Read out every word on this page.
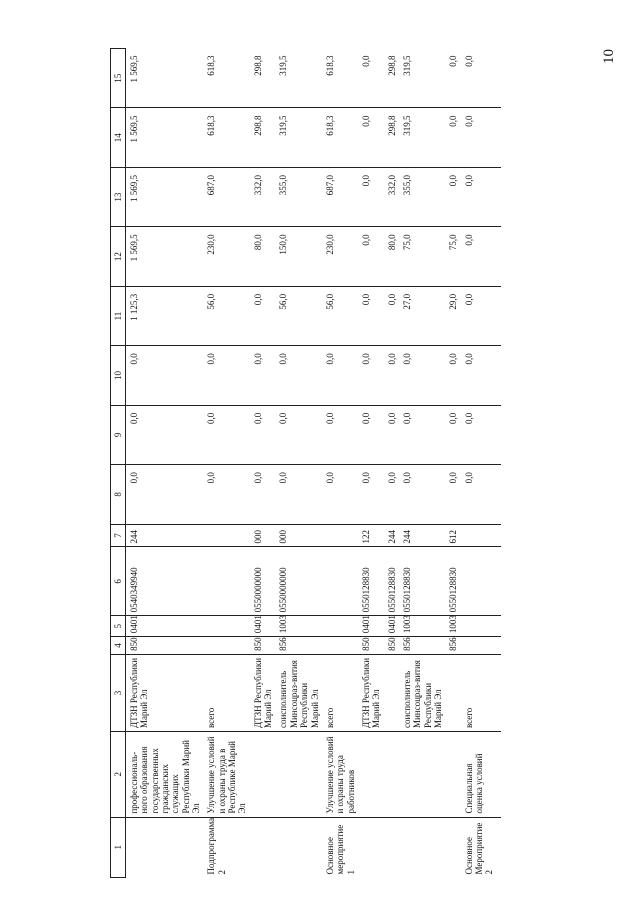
10
1	2	3	4	5	6	7	8	9	10	11	12	13	14	15
	профессиональ-ного образования государственных гражданских служащих Республики Марий Эл	ДТЗН Республики Марий Эл	850	0401	0540349940	244	0,0	0,0	0,0	1 125,3	1 569,5	1 569,5	1 569,5	1 569,5
Подпрограмма 2	Улучшение условий и охраны труда в Республике Марий Эл	всего					0,0	0,0	0,0	56,0	230,0	687,0	618,3	618,3
		ДТЗН Республики Марий Эл	850	0401	0550000000	000	0,0	0,0	0,0	0,0	80,0	332,0	298,8	298,8
		соисполнитель Минсоцраз-вития Республики Марий Эл	856	1003	0550000000	000	0,0	0,0	0,0	56,0	150,0	355,0	319,5	319,5
Основное мероприятие 1	Улучшение условий и охраны труда работников	всего					0,0	0,0	0,0	56,0	230,0	687,0	618,3	618,3
		ДТЗН Республики Марий Эл	850	0401	0550128830	122	0,0	0,0	0,0	0,0	0,0	0,0	0,0	0,0
			850	0401	0550128830	244	0,0	0,0	0,0	0,0	80,0	332,0	298,8	298,8
		соисполнитель Минсоцраз-вития Республики Марий Эл	856	1003	0550128830	244	0,0	0,0	0,0	27,0	75,0	355,0	319,5	319,5
			856	1003	0550128830	612	0,0	0,0	0,0	29,0	75,0	0,0	0,0	0,0
Основное Мероприятие 2	Специальная оценка условий	всего					0,0	0,0	0,0	0,0	0,0	0,0	0,0	0,0
